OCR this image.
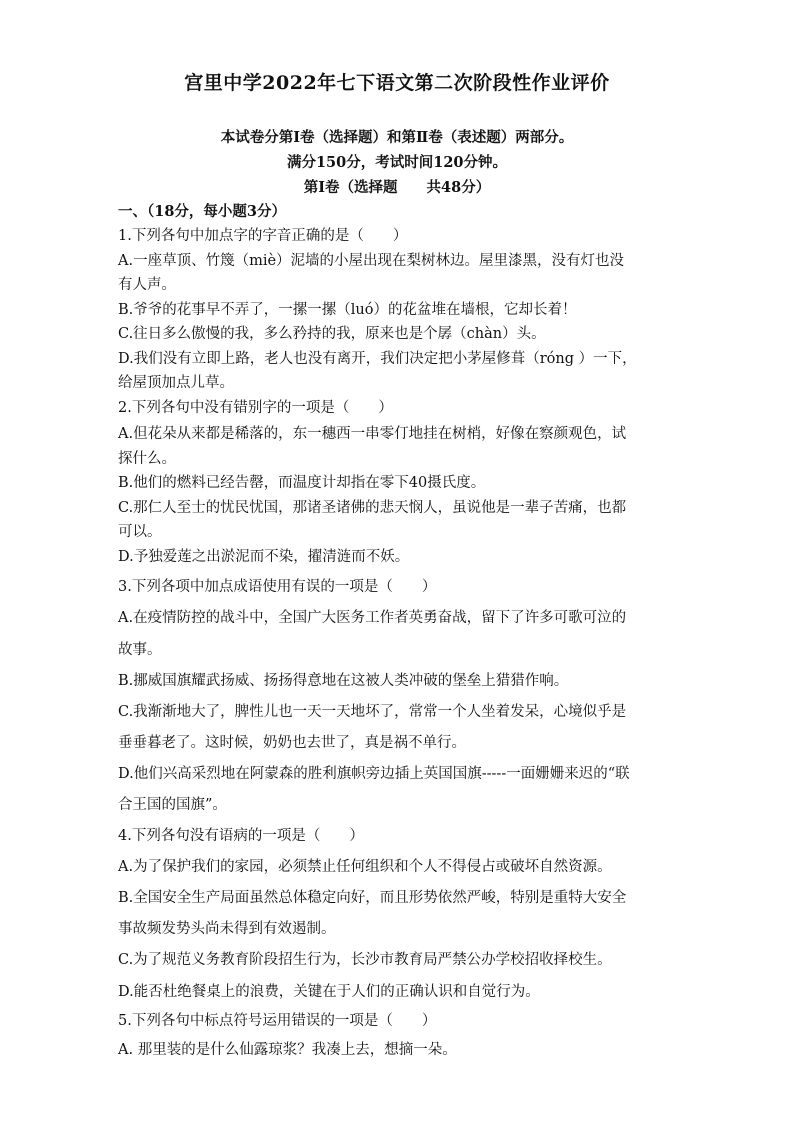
宫里中学2022年七下语文第二次阶段性作业评价
本试卷分第Ⅰ卷（选择题）和第Ⅱ卷（表述题）两部分。
满分150分，考试时间120分钟。
第Ⅰ卷（选择题　　共48分）
一、（18分，每小题3分）
1.下列各句中加点字的字音正确的是（　　）
A.一座草顶、竹篾（miè）泥墙的小屋出现在梨树林边。屋里漆黑，没有灯也没
有人声。
B.爷爷的花事早不弄了，一摞一摞（luó）的花盆堆在墙根，它却长着！
C.往日多么傲慢的我，多么矜持的我，原来也是个孱（chàn）头。
D.我们没有立即上路，老人也没有离开，我们决定把小茅屋修葺（róng ）一下，
给屋顶加点儿草。
2.下列各句中没有错别字的一项是（　　）
A.但花朵从来都是稀落的，东一穗西一串零仃地挂在树梢，好像在察颜观色，试
探什么。
B.他们的燃料已经告罄，而温度计却指在零下40摄氏度。
C.那仁人至士的忧民忧国，那诸圣诸佛的悲天悯人，虽说他是一辈子苦痛，也都
可以。
D.予独爱莲之出淤泥而不染，擢清涟而不妖。
3.下列各项中加点成语使用有误的一项是（　　）
A.在疫情防控的战斗中，全国广大医务工作者英勇奋战，留下了许多可歌可泣的
故事。
B.挪威国旗耀武扬威、扬扬得意地在这被人类冲破的堡垒上猎猎作响。
C.我渐渐地大了，脾性儿也一天一天地坏了，常常一个人坐着发呆，心境似乎是
垂垂暮老了。这时候，奶奶也去世了，真是祸不单行。
D.他们兴高采烈地在阿蒙森的胜利旗帜旁边插上英国国旗-----一面姗姗来迟的“联
合王国的国旗”。
4.下列各句没有语病的一项是（　　）
A.为了保护我们的家园，必须禁止任何组织和个人不得侵占或破坏自然资源。
B.全国安全生产局面虽然总体稳定向好，而且形势依然严峻，特别是重特大安全
事故频发势头尚未得到有效遏制。
C.为了规范义务教育阶段招生行为，长沙市教育局严禁公办学校招收择校生。
D.能否杜绝餐桌上的浪费，关键在于人们的正确认识和自觉行为。
5.下列各句中标点符号运用错误的一项是（　　）
A. 那里装的是什么仙露琼浆？我凑上去，想摘一朵。
